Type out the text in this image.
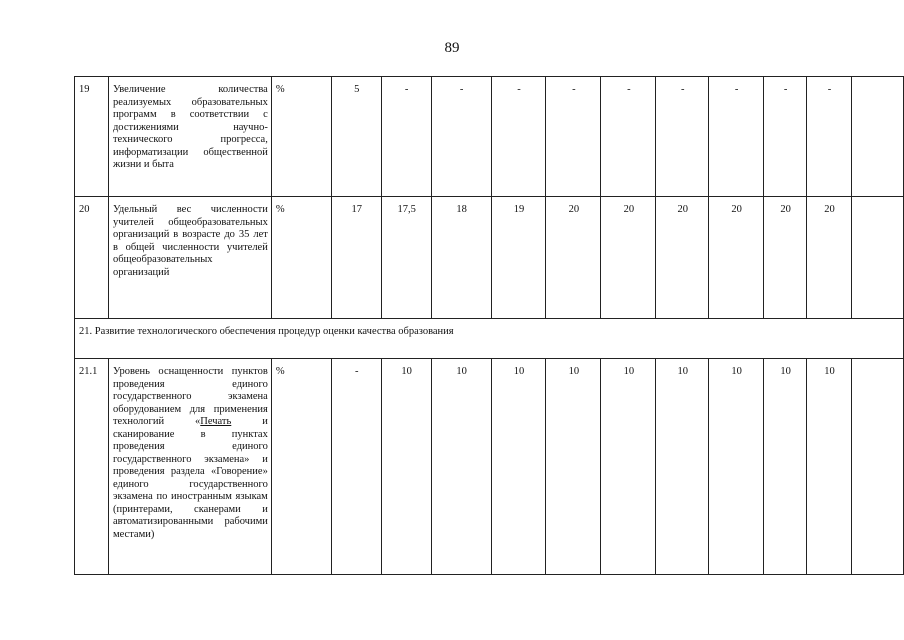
89
19	Увеличение количества реализуемых образовательных программ в соответствии с достижениями научно-технического прогресса, информатизации общественной жизни и быта	%	5	-	-	-	-	-	-	-	-	-	
20	Удельный вес численности учителей общеобразовательных организаций в возрасте до 35 лет в общей численности учителей общеобразовательных организаций	%	17	17,5	18	19	20	20	20	20	20	20	
21. Развитие технологического обеспечения процедур оценки качества образования													
21.1	Уровень оснащенности пунктов проведения единого государственного экзамена оборудованием для применения технологий «Печать и сканирование в пунктах проведения единого государственного экзамена» и проведения раздела «Говорение» единого государственного экзамена по иностранным языкам (принтерами, сканерами и автоматизированными рабочими местами)	%	-	10	10	10	10	10	10	10	10	10	
